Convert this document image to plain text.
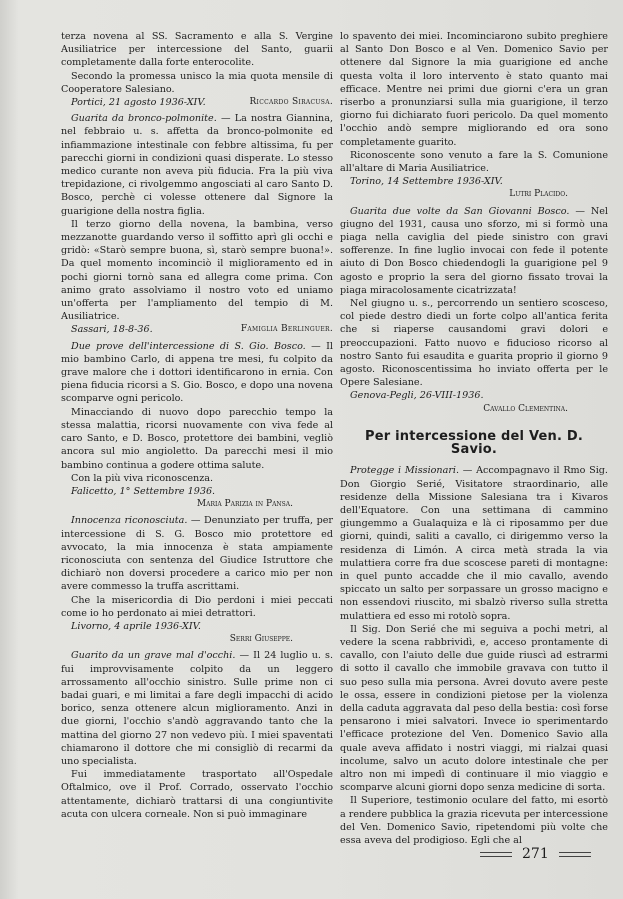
terza novena al SS. Sacramento e alla S. Vergine Ausiliatrice per intercessione del Santo, guarii completamente dalla forte enterocolite.

Secondo la promessa unisco la mia quota mensile di Cooperatore Salesiano.

Portici, 21 agosto 1936-XIV.	Riccardo Siracusa.

Guarita da bronco-polmonite. — La nostra Giannina, nel febbraio u. s. affetta da bronco-polmonite ed infiammazione intestinale con febbre altissima, fu per parecchi giorni in condizioni quasi disperate. Lo stesso medico curante non aveva più fiducia. Fra la più viva trepidazione, ci rivolgemmo angosciati al caro Santo D. Bosco, perchè ci volesse ottenere dal Signore la guarigione della nostra figlia.

Il terzo giorno della novena, la bambina, verso mezzanotte guardando verso il soffitto aprì gli occhi e gridò: «Starò sempre buona, sì, starò sempre buona!». Da quel momento incominciò il miglioramento ed in pochi giorni tornò sana ed allegra come prima. Con animo grato assolviamo il nostro voto ed uniamo un'offerta per l'ampliamento del tempio di M. Ausiliatrice.

Sassari, 18-8-36.	Famiglia Berlinguer.

Due prove dell'intercessione di S. Gio. Bosco. — Il mio bambino Carlo, di appena tre mesi, fu colpito da grave malore che i dottori identificarono in ernia. Con piena fiducia ricorsi a S. Gio. Bosco, e dopo una novena scomparve ogni pericolo.

Minacciando di nuovo dopo parecchio tempo la stessa malattia, ricorsi nuovamente con viva fede al caro Santo, e D. Bosco, protettore dei bambini, vegliò ancora sul mio angioletto. Da parecchi mesi il mio bambino continua a godere ottima salute.

Con la più viva riconoscenza.

Falicetto, 1° Settembre 1936.
Maria Parizia in Pansa.

Innocenza riconosciuta. — Denunziato per truffa, per intercessione di S. G. Bosco mio protettore ed avvocato, la mia innocenza è stata ampiamente riconosciuta con sentenza del Giudice Istruttore che dichiarò non doversi procedere a carico mio per non avere commesso la truffa ascrittami.

Che la misericordia di Dio perdoni i miei peccati come io ho perdonato ai miei detrattori.

Livorno, 4 aprile 1936-XIV.
Serri Giuseppe.

Guarito da un grave mal d'occhi. — Il 24 luglio u. s. fui improvvisamente colpito da un leggero arrossamento all'occhio sinistro. Sulle prime non ci badai guari, e mi limitai a fare degli impacchi di acido borico, senza ottenere alcun miglioramento. Anzi in due giorni, l'occhio s'andò aggravando tanto che la mattina del giorno 27 non vedevo più. I miei spaventati chiamarono il dottore che mi consigliò di recarmi da uno specialista.

Fui immediatamente trasportato all'Ospedale Oftalmico, ove il Prof. Corrado, osservato l'occhio attentamente, dichiarò trattarsi di una congiuntivite acuta con ulcera corneale. Non si può immaginare

lo spavento dei miei. Incominciarono subito preghiere al Santo Don Bosco e al Ven. Domenico Savio per ottenere dal Signore la mia guarigione ed anche questa volta il loro intervento è stato quanto mai efficace. Mentre nei primi due giorni c'era un gran riserbo a pronunziarsi sulla mia guarigione, il terzo giorno fui dichiarato fuori pericolo. Da quel momento l'occhio andò sempre migliorando ed ora sono completamente guarito.

Riconoscente sono venuto a fare la S. Comunione all'altare di Maria Ausiliatrice.

Torino, 14 Settembre 1936-XIV.
Lutri Placido.

Guarita due volte da San Giovanni Bosco. — Nel giugno del 1931, causa uno sforzo, mi si formò una piaga nella caviglia del piede sinistro con gravi sofferenze. In fine luglio invocai con fede il potente aiuto di Don Bosco chiedendogli la guarigione pel 9 agosto e proprio la sera del giorno fissato trovai la piaga miracolosamente cicatrizzata!

Nel giugno u. s., percorrendo un sentiero scosceso, col piede destro diedi un forte colpo all'antica ferita che si riaperse causandomi gravi dolori e preoccupazioni. Fatto nuovo e fiducioso ricorso al nostro Santo fui esaudita e guarita proprio il giorno 9 agosto. Riconoscentissima ho inviato offerta per le Opere Salesiane.

Genova-Pegli, 26-VIII-1936.
Cavallo Clementina.
Per intercessione del Ven. D. Savio.

Protegge i Missionari. — Accompagnavo il Rmo Sig. Don Giorgio Serié, Visitatore straordinario, alle residenze della Missione Salesiana tra i Kivaros dell'Equatore. Con una settimana di cammino giungemmo a Gualaquiza e là ci riposammo per due giorni, quindi, saliti a cavallo, ci dirigemmo verso la residenza di Limón. A circa metà strada la via mulattiera corre fra due scoscese pareti di montagne: in quel punto accadde che il mio cavallo, avendo spiccato un salto per sorpassare un grosso macigno e non essendovi riuscito, mi sbalzò riverso sulla stretta mulattiera ed esso mi rotolò sopra.

Il Sig. Don Serié che mi seguiva a pochi metri, al vedere la scena rabbrividì, e, acceso prontamente di cavallo, con l'aiuto delle due guide riuscì ad estrarmi di sotto il cavallo che immobile gravava con tutto il suo peso sulla mia persona. Avrei dovuto avere peste le ossa, essere in condizioni pietose per la violenza della caduta aggravata dal peso della bestia: così forse pensarono i miei salvatori. Invece io sperimentardo l'efficace protezione del Ven. Domenico Savio alla quale aveva affidato i nostri viaggi, mi rialzai quasi incolume, salvo un acuto dolore intestinale che per altro non mi impedì di continuare il mio viaggio e scomparve alcuni giorni dopo senza medicine di sorta.

Il Superiore, testimonio oculare del fatto, mi esortò a rendere pubblica la grazia ricevuta per intercessione del Ven. Domenico Savio, ripetendomi più volte che essa aveva del prodigioso. Egli che al

271
